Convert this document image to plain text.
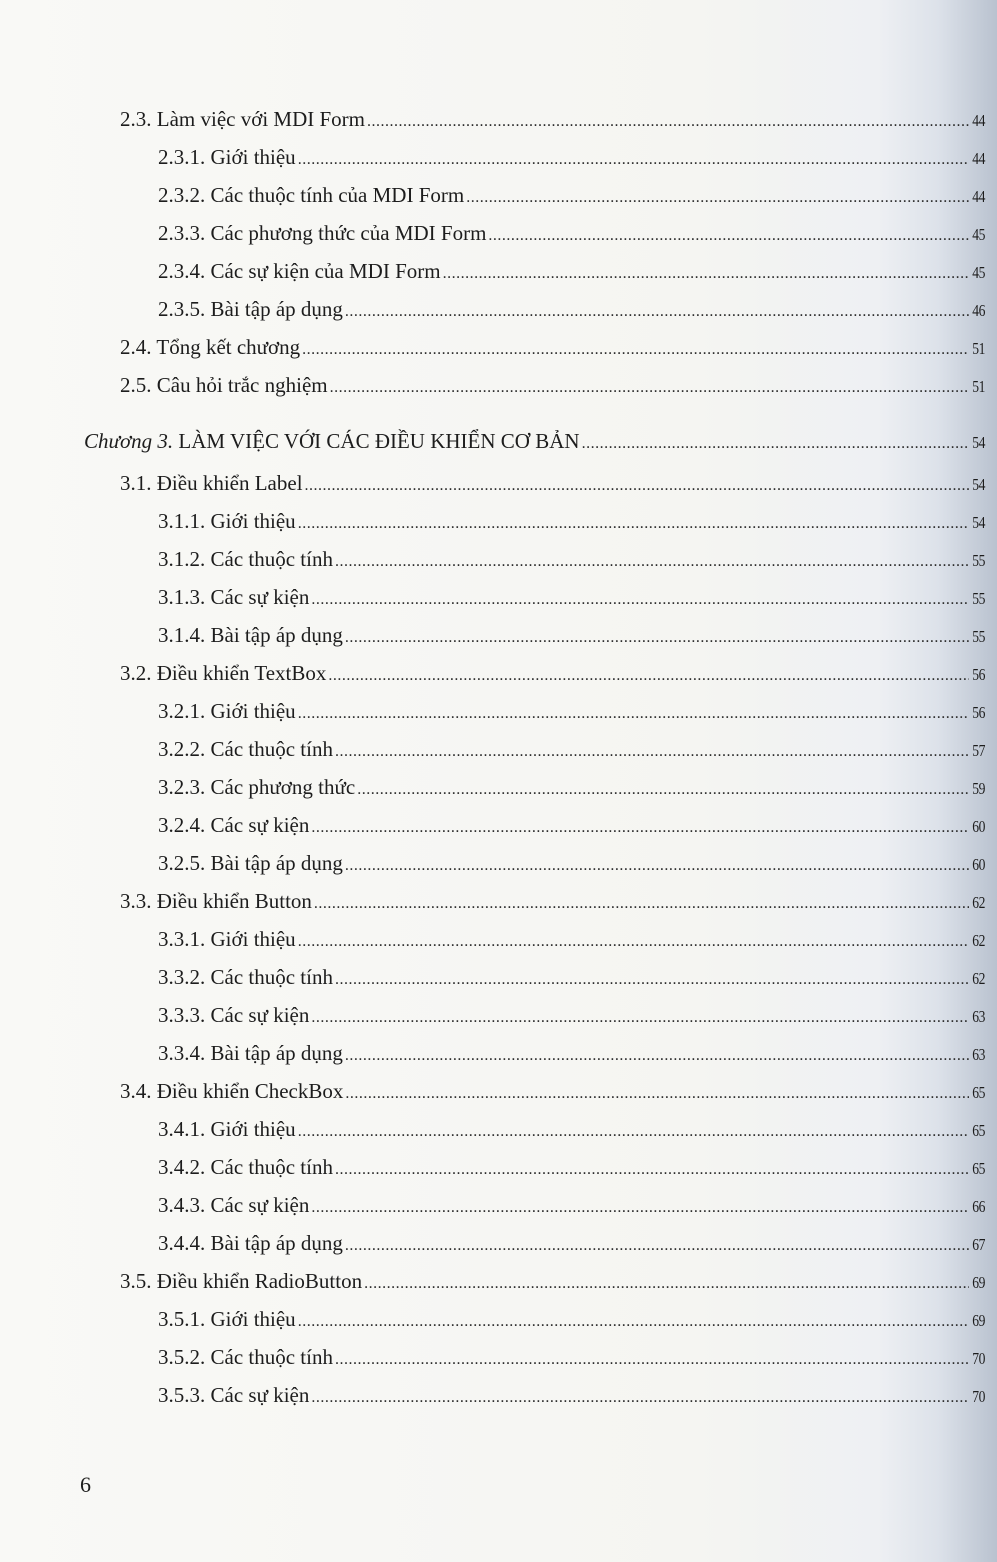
2.3. Làm việc với MDI Form .....	44
2.3.1. Giới thiệu .....	44
2.3.2. Các thuộc tính của MDI Form .....	44
2.3.3. Các phương thức của MDI Form .....	45
2.3.4. Các sự kiện của MDI Form .....	45
2.3.5. Bài tập áp dụng .....	46
2.4. Tổng kết chương .....	51
2.5. Câu hỏi trắc nghiệm .....	51
Chương 3. LÀM VIỆC VỚI CÁC ĐIỀU KHIỂN CƠ BẢN .....	54
3.1. Điều khiển Label .....	54
3.1.1. Giới thiệu .....	54
3.1.2. Các thuộc tính .....	55
3.1.3. Các sự kiện .....	55
3.1.4. Bài tập áp dụng .....	55
3.2. Điều khiển TextBox .....	56
3.2.1. Giới thiệu .....	56
3.2.2. Các thuộc tính .....	57
3.2.3. Các phương thức .....	59
3.2.4. Các sự kiện .....	60
3.2.5. Bài tập áp dụng .....	60
3.3. Điều khiển Button .....	62
3.3.1. Giới thiệu .....	62
3.3.2. Các thuộc tính .....	62
3.3.3. Các sự kiện .....	63
3.3.4. Bài tập áp dụng .....	63
3.4. Điều khiển CheckBox .....	65
3.4.1. Giới thiệu .....	65
3.4.2. Các thuộc tính .....	65
3.4.3. Các sự kiện .....	66
3.4.4. Bài tập áp dụng .....	67
3.5. Điều khiển RadioButton .....	69
3.5.1. Giới thiệu .....	69
3.5.2. Các thuộc tính .....	70
3.5.3. Các sự kiện .....	70
6
